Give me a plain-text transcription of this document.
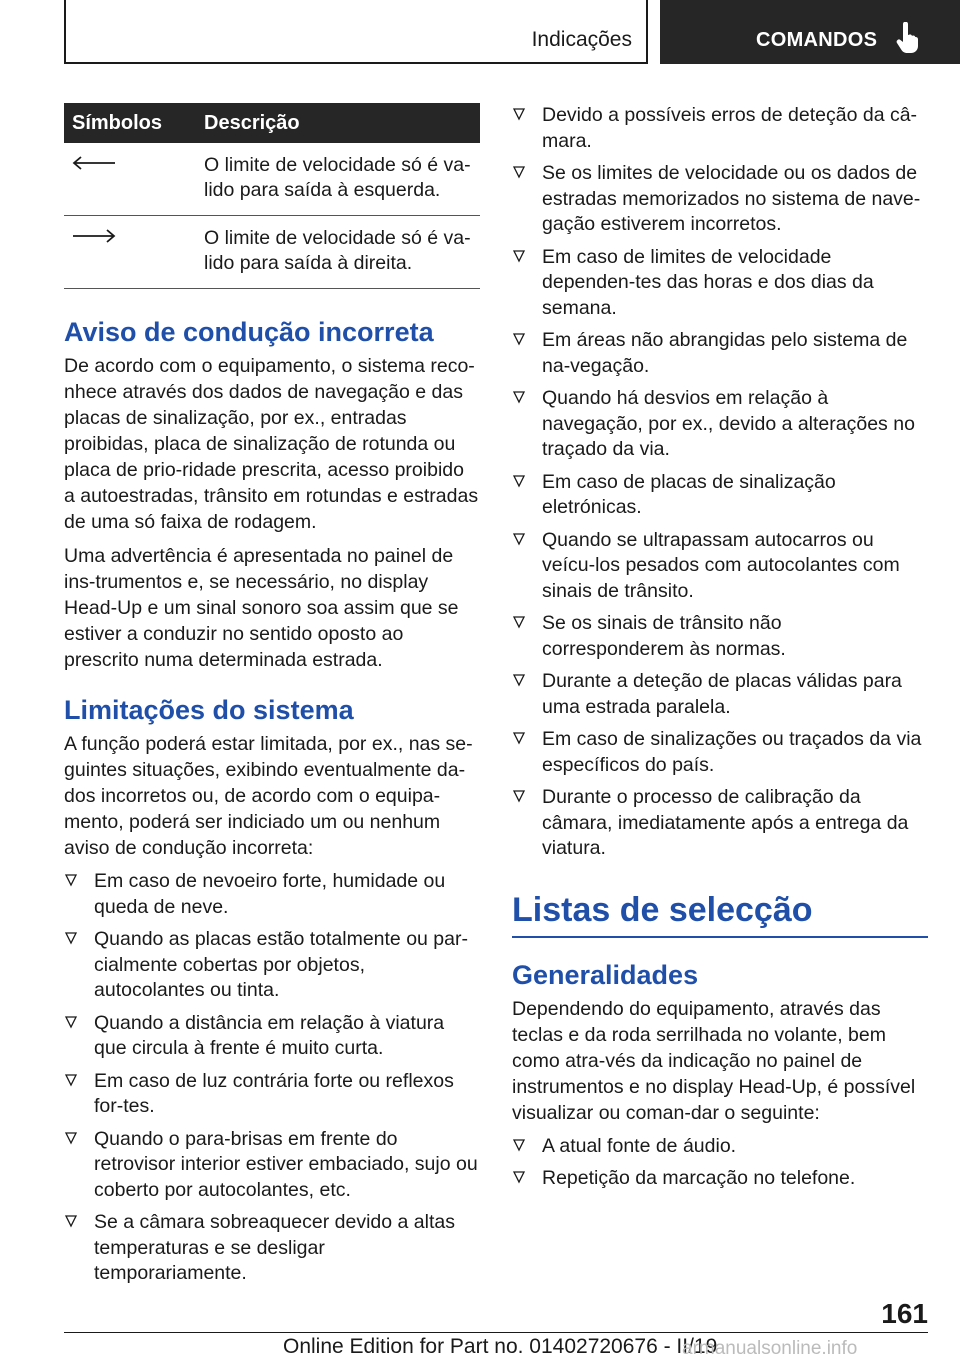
Indicações	COMANDOS
Símbolos	Descrição
	O limite de velocidade só é va-lido para saída à esquerda.
	O limite de velocidade só é va-lido para saída à direita.
Aviso de condução incorreta

De acordo com o equipamento, o sistema reco-nhece através dos dados de navegação e das placas de sinalização, por ex., entradas proibidas, placa de sinalização de rotunda ou placa de prio-ridade prescrita, acesso proibido a autoestradas, trânsito em rotundas e estradas de uma só faixa de rodagem.

Uma advertência é apresentada no painel de ins-trumentos e, se necessário, no display Head-Up e um sinal sonoro soa assim que se estiver a conduzir no sentido oposto ao prescrito numa determinada estrada.

Limitações do sistema

A função poderá estar limitada, por ex., nas se-guintes situações, exibindo eventualmente da-dos incorretos ou, de acordo com o equipa-mento, poderá ser indiciado um ou nenhum aviso de condução incorreta:

Em caso de nevoeiro forte, humidade ou queda de neve.
Quando as placas estão totalmente ou par-cialmente cobertas por objetos, autocolantes ou tinta.
Quando a distância em relação à viatura que circula à frente é muito curta.
Em caso de luz contrária forte ou reflexos for-tes.
Quando o para-brisas em frente do retrovisor interior estiver embaciado, sujo ou coberto por autocolantes, etc.
Se a câmara sobreaquecer devido a altas temperaturas e se desligar temporariamente.
Devido a possíveis erros de deteção da câ-mara.
Se os limites de velocidade ou os dados de estradas memorizados no sistema de nave-gação estiverem incorretos.
Em caso de limites de velocidade dependen-tes das horas e dos dias da semana.
Em áreas não abrangidas pelo sistema de na-vegação.
Quando há desvios em relação à navegação, por ex., devido a alterações no traçado da via.
Em caso de placas de sinalização eletrónicas.
Quando se ultrapassam autocarros ou veícu-los pesados com autocolantes com sinais de trânsito.
Se os sinais de trânsito não corresponderem às normas.
Durante a deteção de placas válidas para uma estrada paralela.
Em caso de sinalizações ou traçados da via específicos do país.
Durante o processo de calibração da câmara, imediatamente após a entrega da viatura.
Listas de selecção
Generalidades

Dependendo do equipamento, através das teclas e da roda serrilhada no volante, bem como atra-vés da indicação no painel de instrumentos e no display Head-Up, é possível visualizar ou coman-dar o seguinte:

A atual fonte de áudio.
Repetição da marcação no telefone.
161
Online Edition for Part no. 01402720676 - II/19
armanualsonline.info
